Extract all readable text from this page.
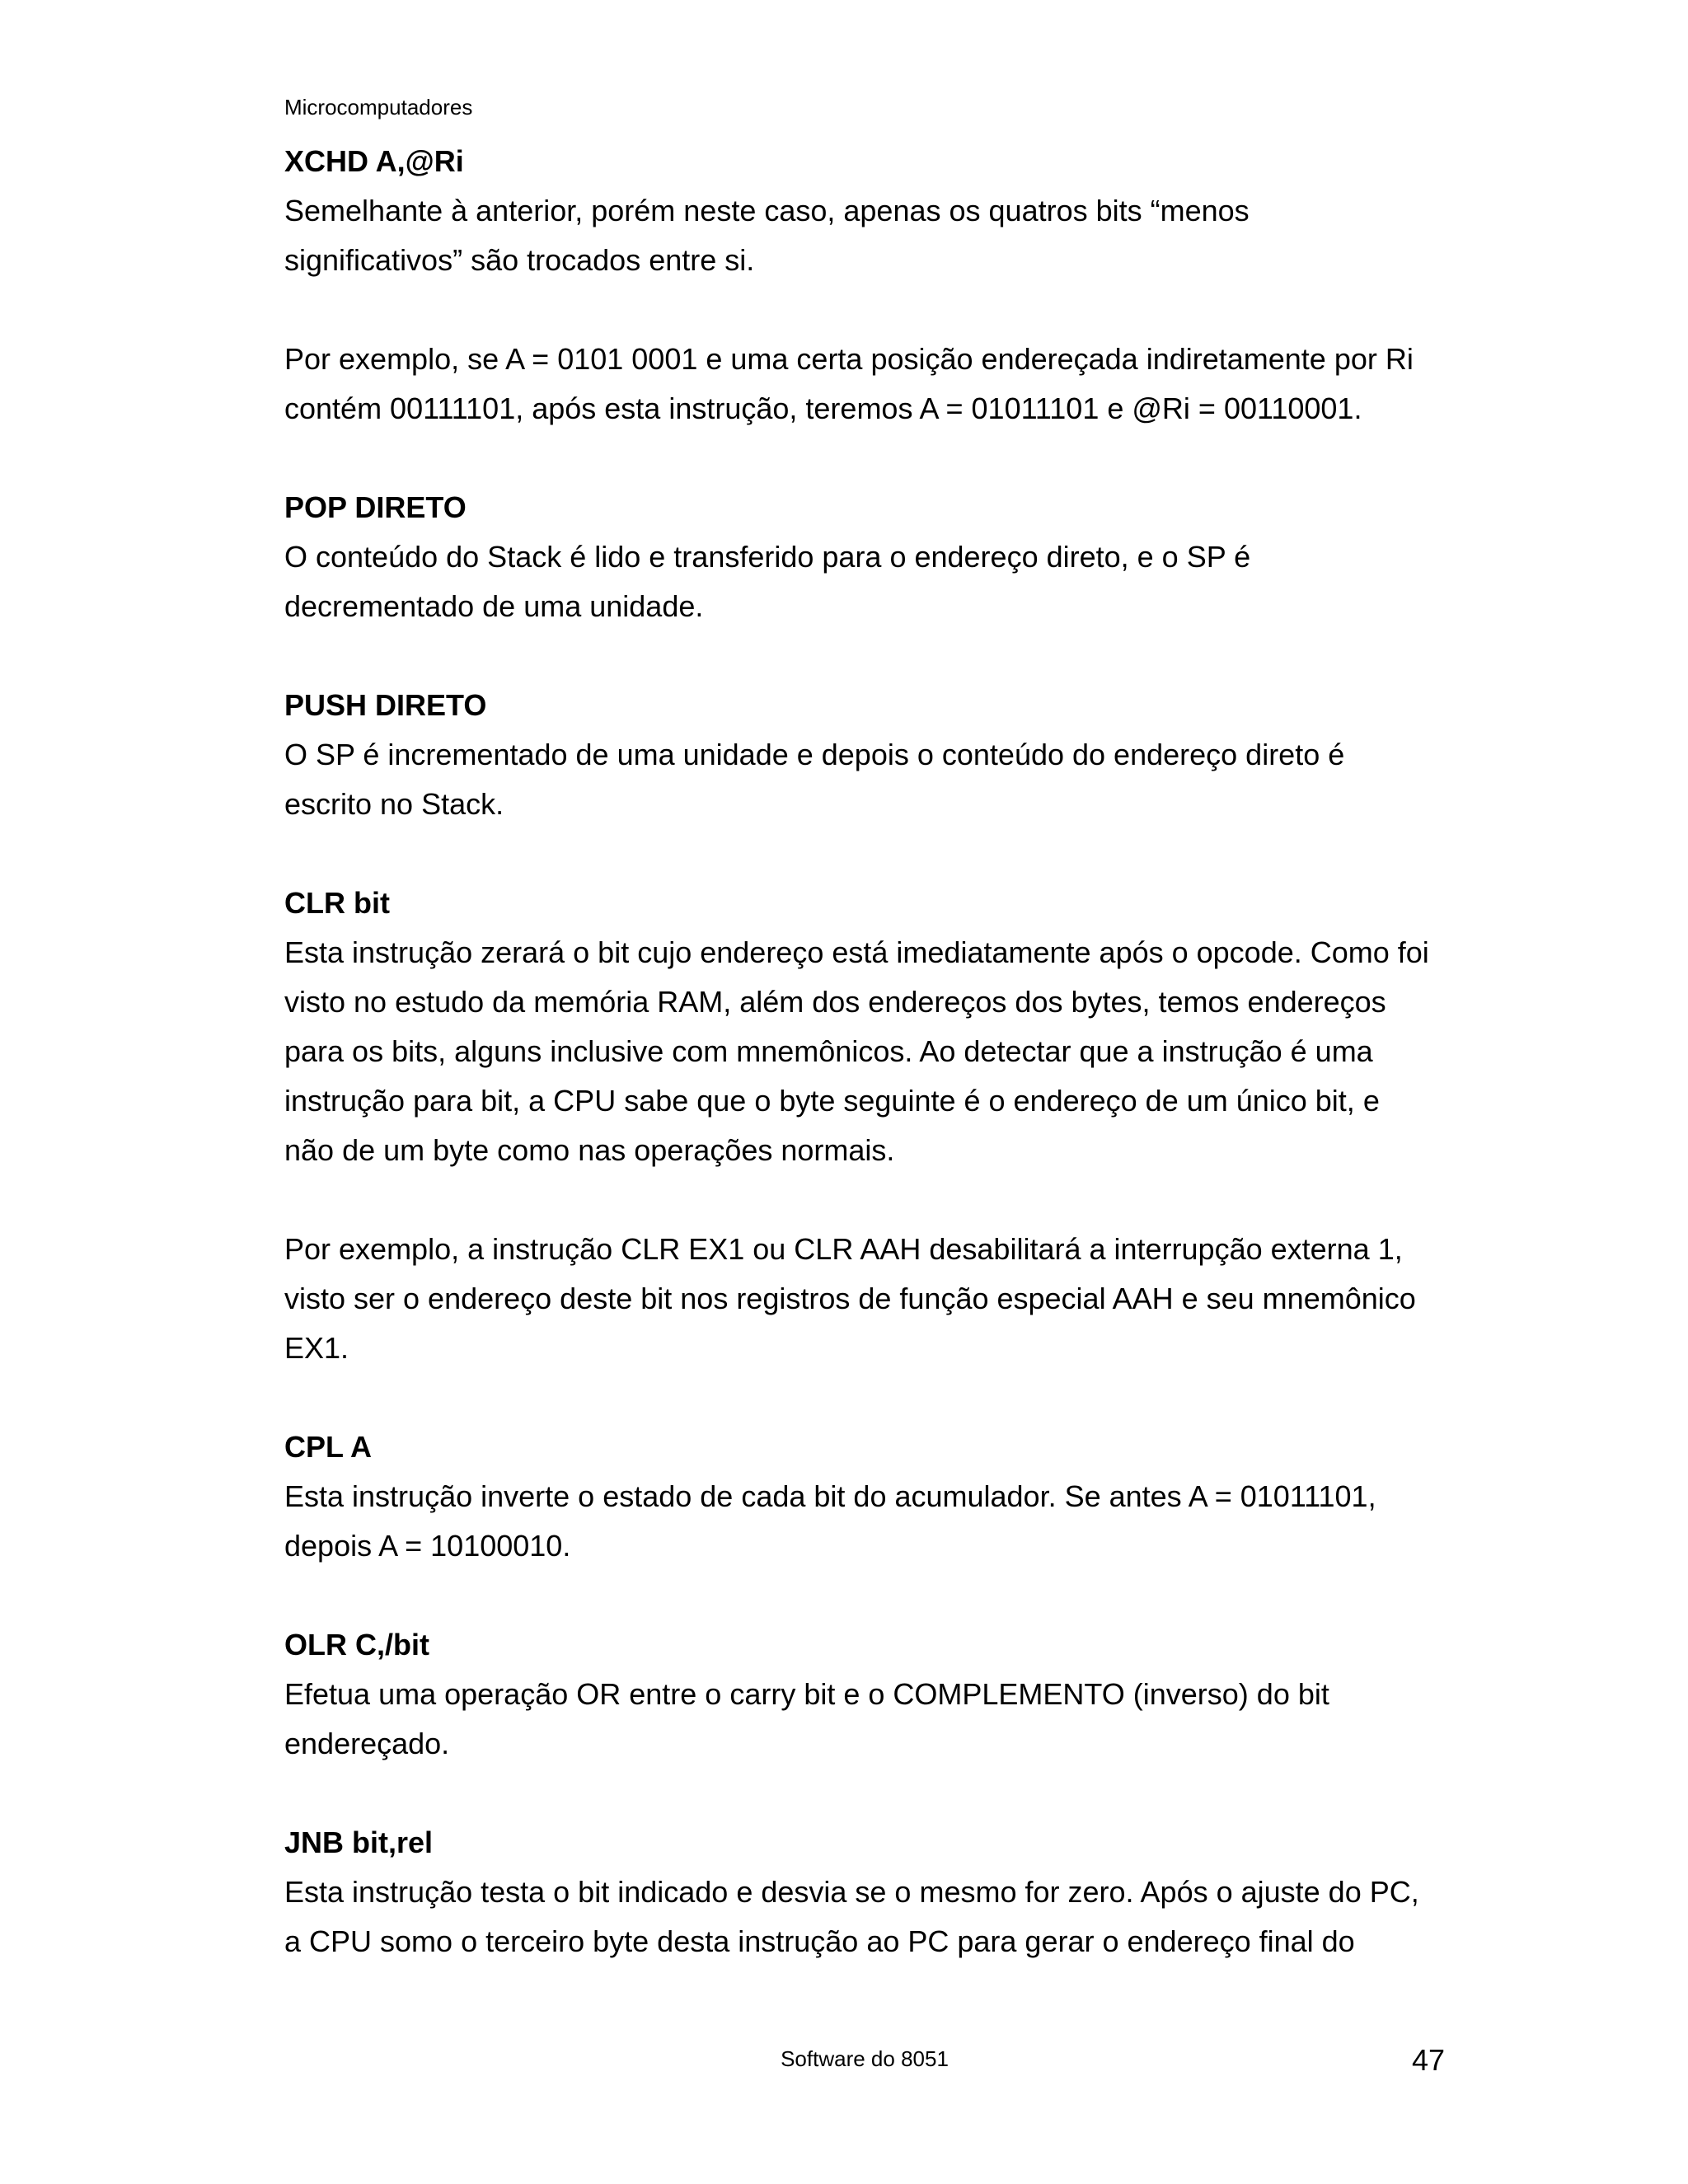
Microcomputadores
XCHD A,@Ri
Semelhante à anterior, porém neste caso, apenas os quatros bits “menos
significativos” são trocados entre si.
Por exemplo, se A = 0101 0001 e uma certa posição endereçada indiretamente por Ri
contém 00111101, após esta instrução, teremos A = 01011101 e @Ri = 00110001.
POP DIRETO
O conteúdo do Stack é lido e transferido para o endereço direto, e o SP é
decrementado de uma unidade.
PUSH DIRETO
O SP é incrementado de uma unidade e depois o conteúdo do endereço direto é
escrito no Stack.
CLR bit
Esta instrução zerará o bit cujo endereço está imediatamente após o opcode. Como foi
visto no estudo da memória RAM, além dos endereços dos bytes, temos endereços
para os bits, alguns inclusive com mnemônicos. Ao detectar que a instrução é uma
instrução para bit, a CPU sabe que o byte seguinte é o endereço de um único bit, e
não de um byte como nas operações normais.
Por exemplo, a instrução CLR EX1 ou CLR AAH desabilitará a interrupção externa 1,
visto ser o endereço deste bit nos registros de função especial AAH e seu mnemônico
EX1.
CPL A
Esta instrução inverte o estado de cada bit do acumulador. Se antes A = 01011101,
depois A = 10100010.
OLR C,/bit
Efetua uma operação OR entre o carry bit e o COMPLEMENTO (inverso) do bit
endereçado.
JNB bit,rel
Esta instrução testa o bit indicado e desvia se o mesmo for zero. Após o ajuste do PC,
a CPU somo o terceiro byte desta instrução ao PC para gerar o endereço final do
Software do 8051	47
